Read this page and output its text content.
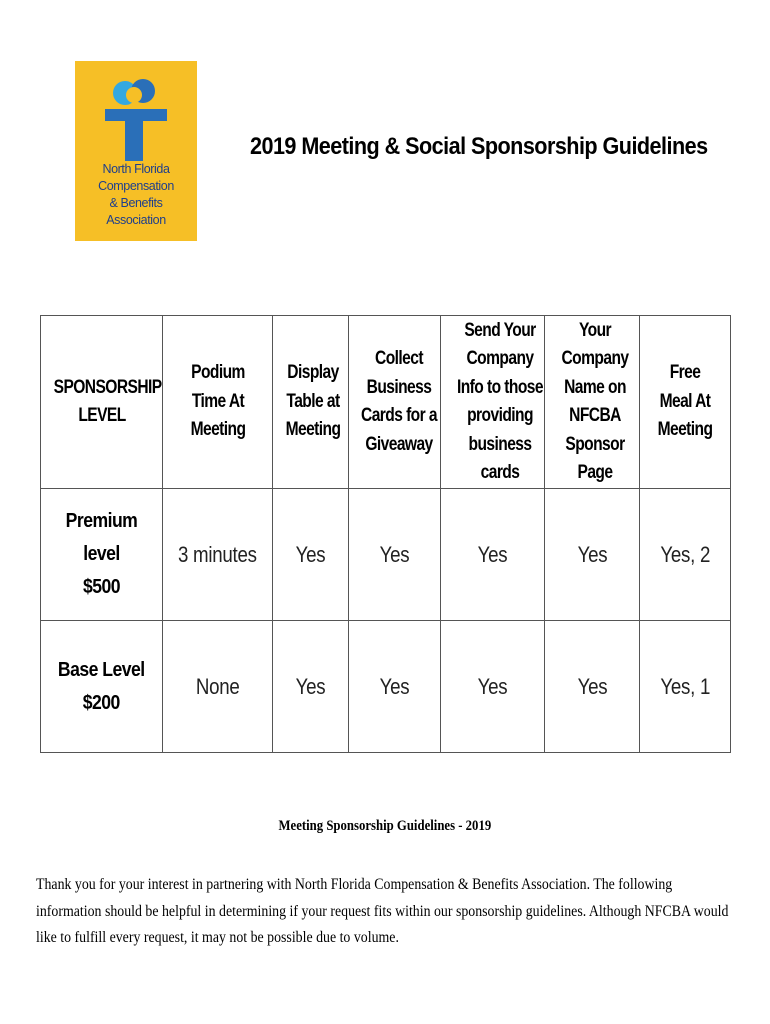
North Florida
Compensation
& Benefits
Association
2019 Meeting & Social Sponsorship Guidelines
SPONSORSHIP LEVEL	Podium Time At Meeting	Display Table at Meeting	Collect Business Cards for a Giveaway	Send Your Company Info to those providing business cards	Your Company Name on NFCBA Sponsor Page	Free Meal At Meeting
Premium level
$500	3 minutes	Yes	Yes	Yes	Yes	Yes, 2
Base Level
$200	None	Yes	Yes	Yes	Yes	Yes, 1
Meeting Sponsorship Guidelines - 2019
Thank you for your interest in partnering with North Florida Compensation & Benefits Association. The following information should be helpful in determining if your request fits within our sponsorship guidelines. Although NFCBA would like to fulfill every request, it may not be possible due to volume.
